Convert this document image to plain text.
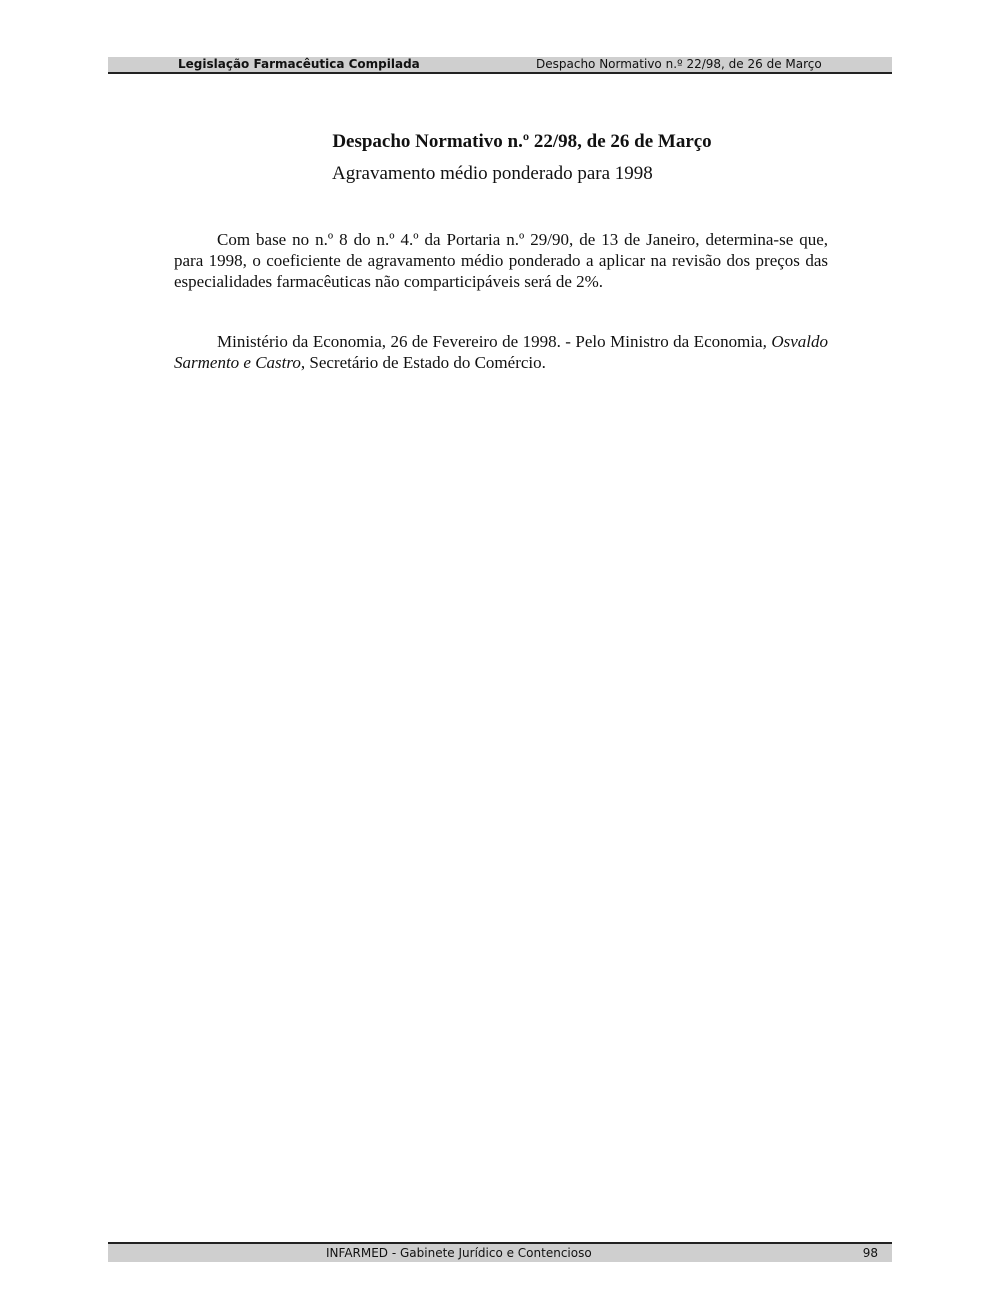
Legislação Farmacêutica Compilada	Despacho Normativo n.º 22/98, de 26 de Março
Despacho Normativo n.º 22/98, de 26 de Março
Agravamento médio ponderado para 1998

Com base no n.º 8 do n.º 4.º da Portaria n.º 29/90, de 13 de Janeiro, determina-se que, para 1998, o coeficiente de agravamento médio ponderado a aplicar na revisão dos preços das especialidades farmacêuticas não comparticipáveis será de 2%.

Ministério da Economia, 26 de Fevereiro de 1998. - Pelo Ministro da Economia, Osvaldo Sarmento e Castro, Secretário de Estado do Comércio.

INFARMED - Gabinete Jurídico e Contencioso	98
